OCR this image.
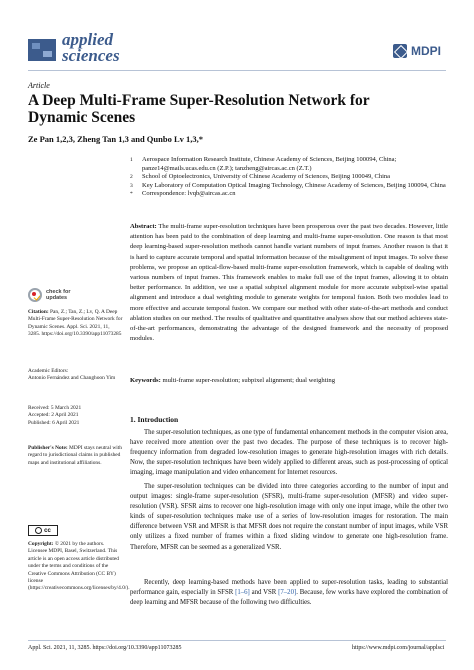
applied
sciences	MDPI
Article
A Deep Multi-Frame Super-Resolution Network for Dynamic Scenes
Ze Pan 1,2,3, Zheng Tan 1,3 and Qunbo Lv 1,3,*
1	Aerospace Information Research Institute, Chinese Academy of Sciences, Beijing 100094, China; panze14@mails.ucas.edu.cn (Z.P.); tanzheng@aircas.ac.cn (Z.T.)
2	School of Optoelectronics, University of Chinese Academy of Sciences, Beijing 100049, China
3	Key Laboratory of Computation Optical Imaging Technology, Chinese Academy of Sciences, Beijing 100094, China
*	Correspondence: lvqb@aircas.ac.cn
Abstract: The multi-frame super-resolution techniques have been prosperous over the past two decades. However, little attention has been paid to the combination of deep learning and multi-frame super-resolution. One reason is that most deep learning-based super-resolution methods cannot handle variant numbers of input frames. Another reason is that it is hard to capture accurate temporal and spatial information because of the misalignment of input images. To solve these problems, we propose an optical-flow-based multi-frame super-resolution framework, which is capable of dealing with various numbers of input frames. This framework enables to make full use of the input frames, allowing it to obtain better performance. In addition, we use a spatial subpixel alignment module for more accurate subpixel-wise spatial alignment and introduce a dual weighting module to generate weights for temporal fusion. Both two modules lead to more effective and accurate temporal fusion. We compare our method with other state-of-the-art methods and conduct ablation studies on our method. The results of qualitative and quantitative analyses show that our method achieves state-of-the-art performances, demonstrating the advantage of the designed framework and the necessity of proposed modules.
Keywords: multi-frame super-resolution; subpixel alignment; dual weighting
1. Introduction

The super-resolution techniques, as one type of fundamental enhancement methods in the computer vision area, have received more attention over the past two decades. The purpose of these techniques is to recover high-frequency information from degraded low-resolution images to generate high-resolution images with rich details. Now, the super-resolution techniques have been widely applied to different areas, such as post-processing of optical imaging, image manipulation and video enhancement for Internet resources.

The super-resolution techniques can be divided into three categories according to the number of input and output images: single-frame super-resolution (SFSR), multi-frame super-resolution (MFSR) and video super-resolution (VSR). SFSR aims to recover one high-resolution image with only one input image, while the other two kinds of super-resolution techniques make use of a series of low-resolution images for restoration. The main difference between VSR and MFSR is that MFSR does not require the constant number of input images, while VSR only utilizes a fixed number of frames within a fixed sliding window to generate one high-resolution frame. Therefore, MFSR can be seemed as a generalized VSR.

Recently, deep learning-based methods have been applied to super-resolution tasks, leading to substantial performance gain, especially in SFSR [1–6] and VSR [7–20]. Because, few works have explored the combination of deep learning and MFSR because of the following two difficulties.

check for
updates
Citation: Pan, Z.; Tan, Z.; Lv, Q. A Deep Multi-Frame Super-Resolution Network for Dynamic Scenes. Appl. Sci. 2021, 11, 3285. https://doi.org/10.3390/app11073285
Academic Editors:
Antonio Fernández and Changhoon Yim
Received: 5 March 2021
Accepted: 2 April 2021
Published: 6 April 2021
Publisher's Note: MDPI stays neutral with regard to jurisdictional claims in published maps and institutional affiliations.
cc
Copyright: © 2021 by the authors. Licensee MDPI, Basel, Switzerland. This article is an open access article distributed under the terms and conditions of the Creative Commons Attribution (CC BY) license (https://creativecommons.org/licenses/by/4.0/).
Appl. Sci. 2021, 11, 3285. https://doi.org/10.3390/app11073285	https://www.mdpi.com/journal/applsci
